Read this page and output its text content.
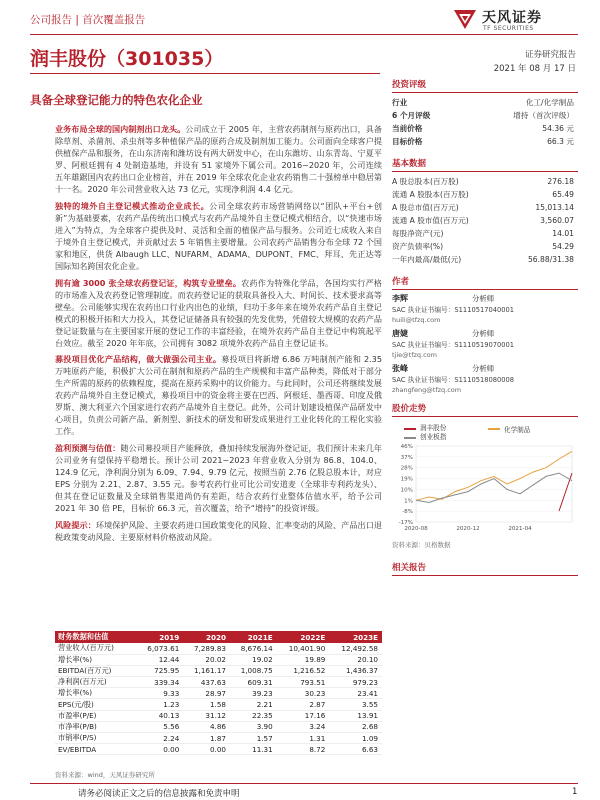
公司报告 | 首次覆盖报告	天风证券
TF SECURITIES
润丰股份（301035）	证券研究报告
2021 年 08 月 17 日
具备全球登记能力的特色农化企业

业务布局全球的国内制剂出口龙头。公司成立于 2005 年，主营农药制剂与原药出口，具备除草剂、杀菌剂、杀虫剂等多种植保产品的原药合成及制剂加工能力。公司面向全球客户提供植保产品和服务，在山东济南和潍坊设有两大研发中心，在山东潍坊、山东青岛、宁夏平罗、阿根廷拥有 4 处制造基地，并设有 51 家境外下属公司。2016~2020 年，公司连续五年雄踞国内农药出口企业榜首，并在 2019 年全球农化企业农药销售二十强榜单中稳居第十一名。2020 年公司营业收入达 73 亿元，实现净利润 4.4 亿元。

独特的境外自主登记模式推动企业成长。公司全球农药市场营销网络以“团队+平台+创新”为基础要素，农药产品传统出口模式与农药产品境外自主登记模式相结合，以“快速市场进入”为特点，为全球客户提供及时、灵活和全面的植保产品与服务。公司近七成收入来自于境外自主登记模式，并贡献过去 5 年销售主要增量。公司农药产品销售分布全球 72 个国家和地区，供货 Albaugh LLC、NUFARM、ADAMA、DUPONT、FMC、拜耳、先正达等国际知名跨国农化企业。

拥有逾 3000 张全球农药登记证，构筑专业壁垒。农药作为特殊化学品，各国均实行严格的市场准入及农药登记管理制度。而农药登记证的获取具备投入大、时间长、技术要求高等壁垒。公司能够实现在农药出口行业内出色的业绩，归功于多年来在境外农药产品自主登记模式的积极开拓和大力投入，其登记证储备具有较强的先发优势，凭借较大规模的农药产品登记证数量与在主要国家开展的登记工作的丰富经验，在境外农药产品自主登记中构筑起平台效应。截至 2020 年年底，公司拥有 3082 项境外农药产品自主登记证书。

募投项目优化产品结构，做大做强公司主业。募投项目将新增 6.86 万吨制剂产能和 2.35 万吨原药产能，积极扩大公司在制剂和原药产品的生产规模和丰富产品种类，降低对于部分生产所需的原药的依赖程度，提高在原药采购中的议价能力。与此同时，公司还将继续发展农药产品境外自主登记模式，募投项目中的资金将主要在巴西、阿根廷、墨西哥、印度及俄罗斯、澳大利亚六个国家进行农药产品境外自主登记。此外，公司计划建设植保产品研发中心项目，负责公司新产品、新剂型、新技术的研发和研发成果进行工业化转化的工程化实验工作。

盈利预测与估值：随公司募投项目产能释放，叠加持续发展海外登记证，我们预计未来几年公司业务有望保持平稳增长。预计公司 2021~2023 年营业收入分别为 86.8、104.0、124.9 亿元，净利润分别为 6.09、7.94、9.79 亿元，按照当前 2.76 亿股总股本计，对应 EPS 分别为 2.21、2.87、3.55 元。参考农药行业可比公司安道麦（全球非专利药龙头）、但其在登记证数量及全球销售渠道尚仍有差距，结合农药行业整体估值水平，给予公司 2021 年 30 倍 PE，目标价 66.3 元，首次覆盖，给予“增持”的投资评级。

风险提示：环境保护风险、主要农药进口国政策变化的风险、汇率变动的风险、产品出口退税政策变动风险、主要原材料价格波动风险。

投资评级
行业	化工/化学制品
6 个月评级	增持（首次评级）
当前价格	54.36 元
目标价格	66.3 元
基本数据
A 股总股本(百万股)	276.18
流通 A 股股本(百万股)	65.49
A 股总市值(百万元)	15,013.14
流通 A 股市值(百万元)	3,560.07
每股净资产(元)	14.01
资产负债率(%)	54.29
一年内最高/最低(元)	56.88/31.38
作者
李辉	分析师
SAC 执业证书编号：S1110517040001
huili@tfzq.com
唐婕	分析师
SAC 执业证书编号：S1110519070001
tjie@tfzq.com
张峰	分析师
SAC 执业证书编号：S1110518080008
zhangfeng@tfzq.com
股价走势
46%
37%
28%
19%
10%
1%
-8%
-17%
2020-08	2020-12	2021-04
润丰股份
创业板指
化学制品
资料来源：贝格数据
相关报告
财务数据和估值	2019	2020	2021E	2022E	2023E
营业收入(百万元)	6,073.61	7,289.83	8,676.14	10,401.90	12,492.58
增长率(%)	12.44	20.02	19.02	19.89	20.10
EBITDA(百万元)	725.95	1,161.17	1,008.75	1,216.52	1,436.37
净利润(百万元)	339.34	437.63	609.31	793.51	979.23
增长率(%)	9.33	28.97	39.23	30.23	23.41
EPS(元/股)	1.23	1.58	2.21	2.87	3.55
市盈率(P/E)	40.13	31.12	22.35	17.16	13.91
市净率(P/B)	5.56	4.86	3.90	3.24	2.68
市销率(P/S)	2.24	1.87	1.57	1.31	1.09
EV/EBITDA	0.00	0.00	11.31	8.72	6.63
资料来源：wind，天风证券研究所
请务必阅读正文之后的信息披露和免责申明	1
